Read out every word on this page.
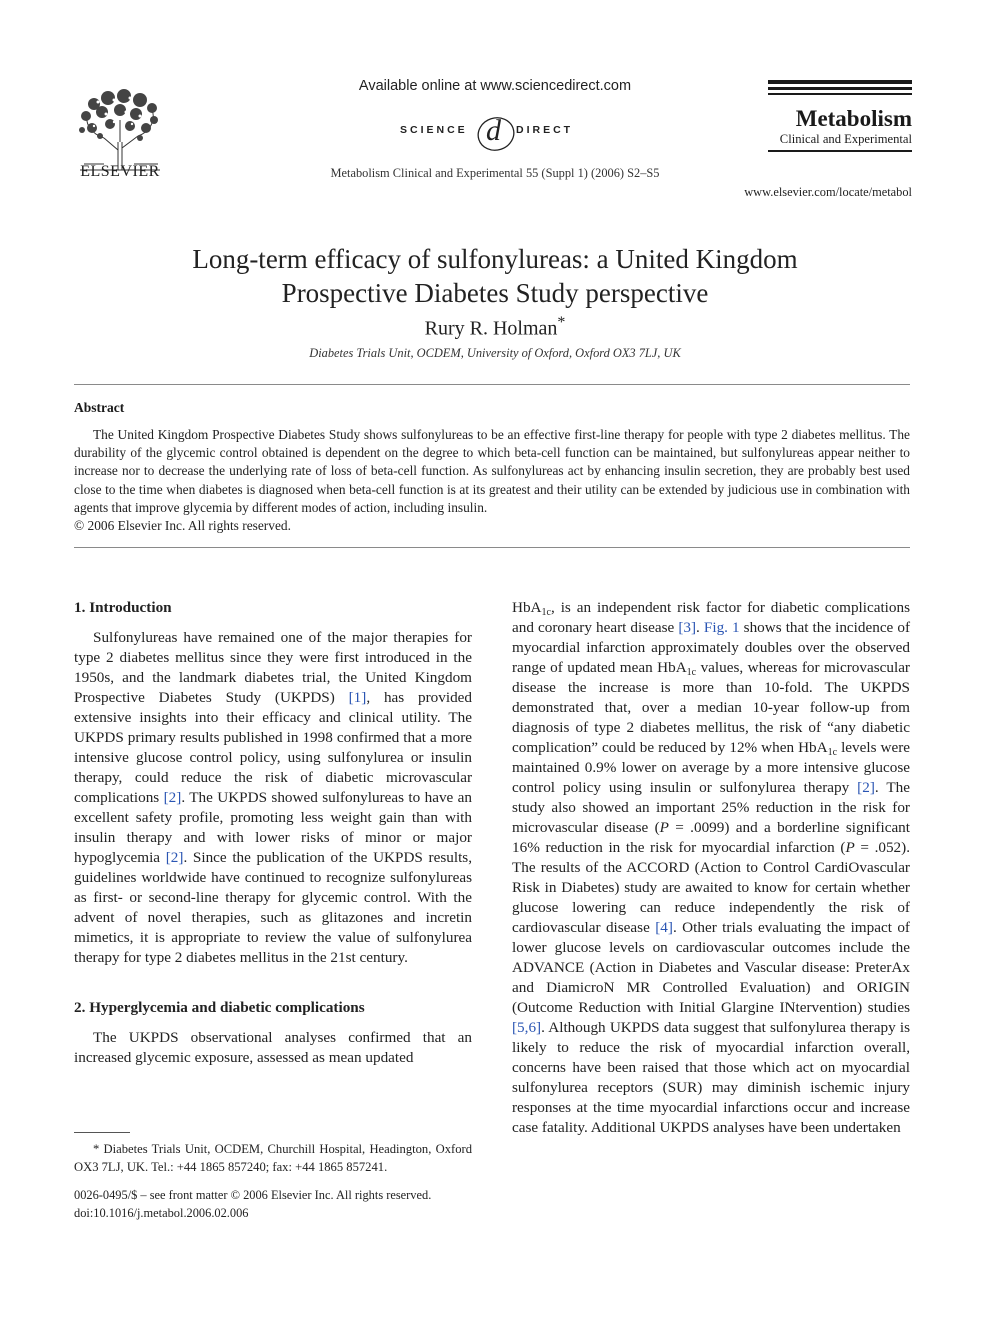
ELSEVIER
Available online at www.sciencedirect.com
SCIENCE d DIRECT
Metabolism Clinical and Experimental 55 (Suppl 1) (2006) S2–S5
Metabolism
Clinical and Experimental
www.elsevier.com/locate/metabol
Long-term efficacy of sulfonylureas: a United Kingdom
Prospective Diabetes Study perspective
Rury R. Holman*
Diabetes Trials Unit, OCDEM, University of Oxford, Oxford OX3 7LJ, UK
Abstract

The United Kingdom Prospective Diabetes Study shows sulfonylureas to be an effective first-line therapy for people with type 2 diabetes mellitus. The durability of the glycemic control obtained is dependent on the degree to which beta-cell function can be maintained, but sulfonylureas appear neither to increase nor to decrease the underlying rate of loss of beta-cell function. As sulfonylureas act by enhancing insulin secretion, they are probably best used close to the time when diabetes is diagnosed when beta-cell function is at its greatest and their utility can be extended by judicious use in combination with agents that improve glycemia by different modes of action, including insulin.

© 2006 Elsevier Inc. All rights reserved.

1. Introduction

Sulfonylureas have remained one of the major therapies for type 2 diabetes mellitus since they were first introduced in the 1950s, and the landmark diabetes trial, the United Kingdom Prospective Diabetes Study (UKPDS) [1], has provided extensive insights into their efficacy and clinical utility. The UKPDS primary results published in 1998 confirmed that a more intensive glucose control policy, using sulfonylurea or insulin therapy, could reduce the risk of diabetic microvascular complications [2]. The UKPDS showed sulfonylureas to have an excellent safety profile, promoting less weight gain than with insulin therapy and with lower risks of minor or major hypoglycemia [2]. Since the publication of the UKPDS results, guidelines worldwide have continued to recognize sulfonylureas as first- or second-line therapy for glycemic control. With the advent of novel therapies, such as glitazones and incretin mimetics, it is appropriate to review the value of sulfonylurea therapy for type 2 diabetes mellitus in the 21st century.

2. Hyperglycemia and diabetic complications

The UKPDS observational analyses confirmed that an increased glycemic exposure, assessed as mean updated

* Diabetes Trials Unit, OCDEM, Churchill Hospital, Headington, Oxford OX3 7LJ, UK. Tel.: +44 1865 857240; fax: +44 1865 857241.

0026-0495/$ – see front matter © 2006 Elsevier Inc. All rights reserved.
doi:10.1016/j.metabol.2006.02.006

HbA$_{1c}$, is an independent risk factor for diabetic complications and coronary heart disease [3]. Fig. 1 shows that the incidence of myocardial infarction approximately doubles over the observed range of updated mean HbA$_{1c}$ values, whereas for microvascular disease the increase is more than 10-fold. The UKPDS demonstrated that, over a median 10-year follow-up from diagnosis of type 2 diabetes mellitus, the risk of “any diabetic complication” could be reduced by 12% when HbA$_{1c}$ levels were maintained 0.9% lower on average by a more intensive glucose control policy using insulin or sulfonylurea therapy [2]. The study also showed an important 25% reduction in the risk for microvascular disease (P = .0099) and a borderline significant 16% reduction in the risk for myocardial infarction (P = .052). The results of the ACCORD (Action to Control CardiOvascular Risk in Diabetes) study are awaited to know for certain whether glucose lowering can reduce independently the risk of cardiovascular disease [4]. Other trials evaluating the impact of lower glucose levels on cardiovascular outcomes include the ADVANCE (Action in Diabetes and Vascular disease: PreterAx and DiamicroN MR Controlled Evaluation) and ORIGIN (Outcome Reduction with Initial Glargine INtervention) studies [5,6]. Although UKPDS data suggest that sulfonylurea therapy is likely to reduce the risk of myocardial infarction overall, concerns have been raised that those which act on myocardial sulfonylurea receptors (SUR) may diminish ischemic injury responses at the time myocardial infarctions occur and increase case fatality. Additional UKPDS analyses have been undertaken
